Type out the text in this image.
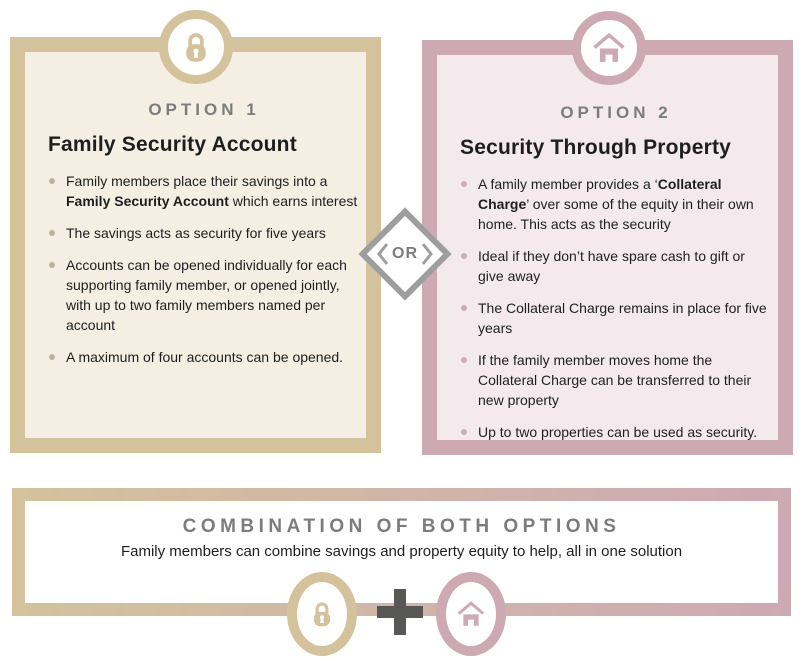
OPTION 1
Family Security Account
Family members place their savings into a Family Security Account which earns interest
The savings acts as security for five years
Accounts can be opened individually for each supporting family member, or opened jointly, with up to two family members named per account
A maximum of four accounts can be opened.
OPTION 2
Security Through Property
A family member provides a ‘Collateral Charge’ over some of the equity in their own home. This acts as the security
Ideal if they don’t have spare cash to gift or give away
The Collateral Charge remains in place for five years
If the family member moves home the Collateral Charge can be transferred to their new property
Up to two properties can be used as security.
OR
COMBINATION OF BOTH OPTIONS
Family members can combine savings and property equity to help, all in one solution
